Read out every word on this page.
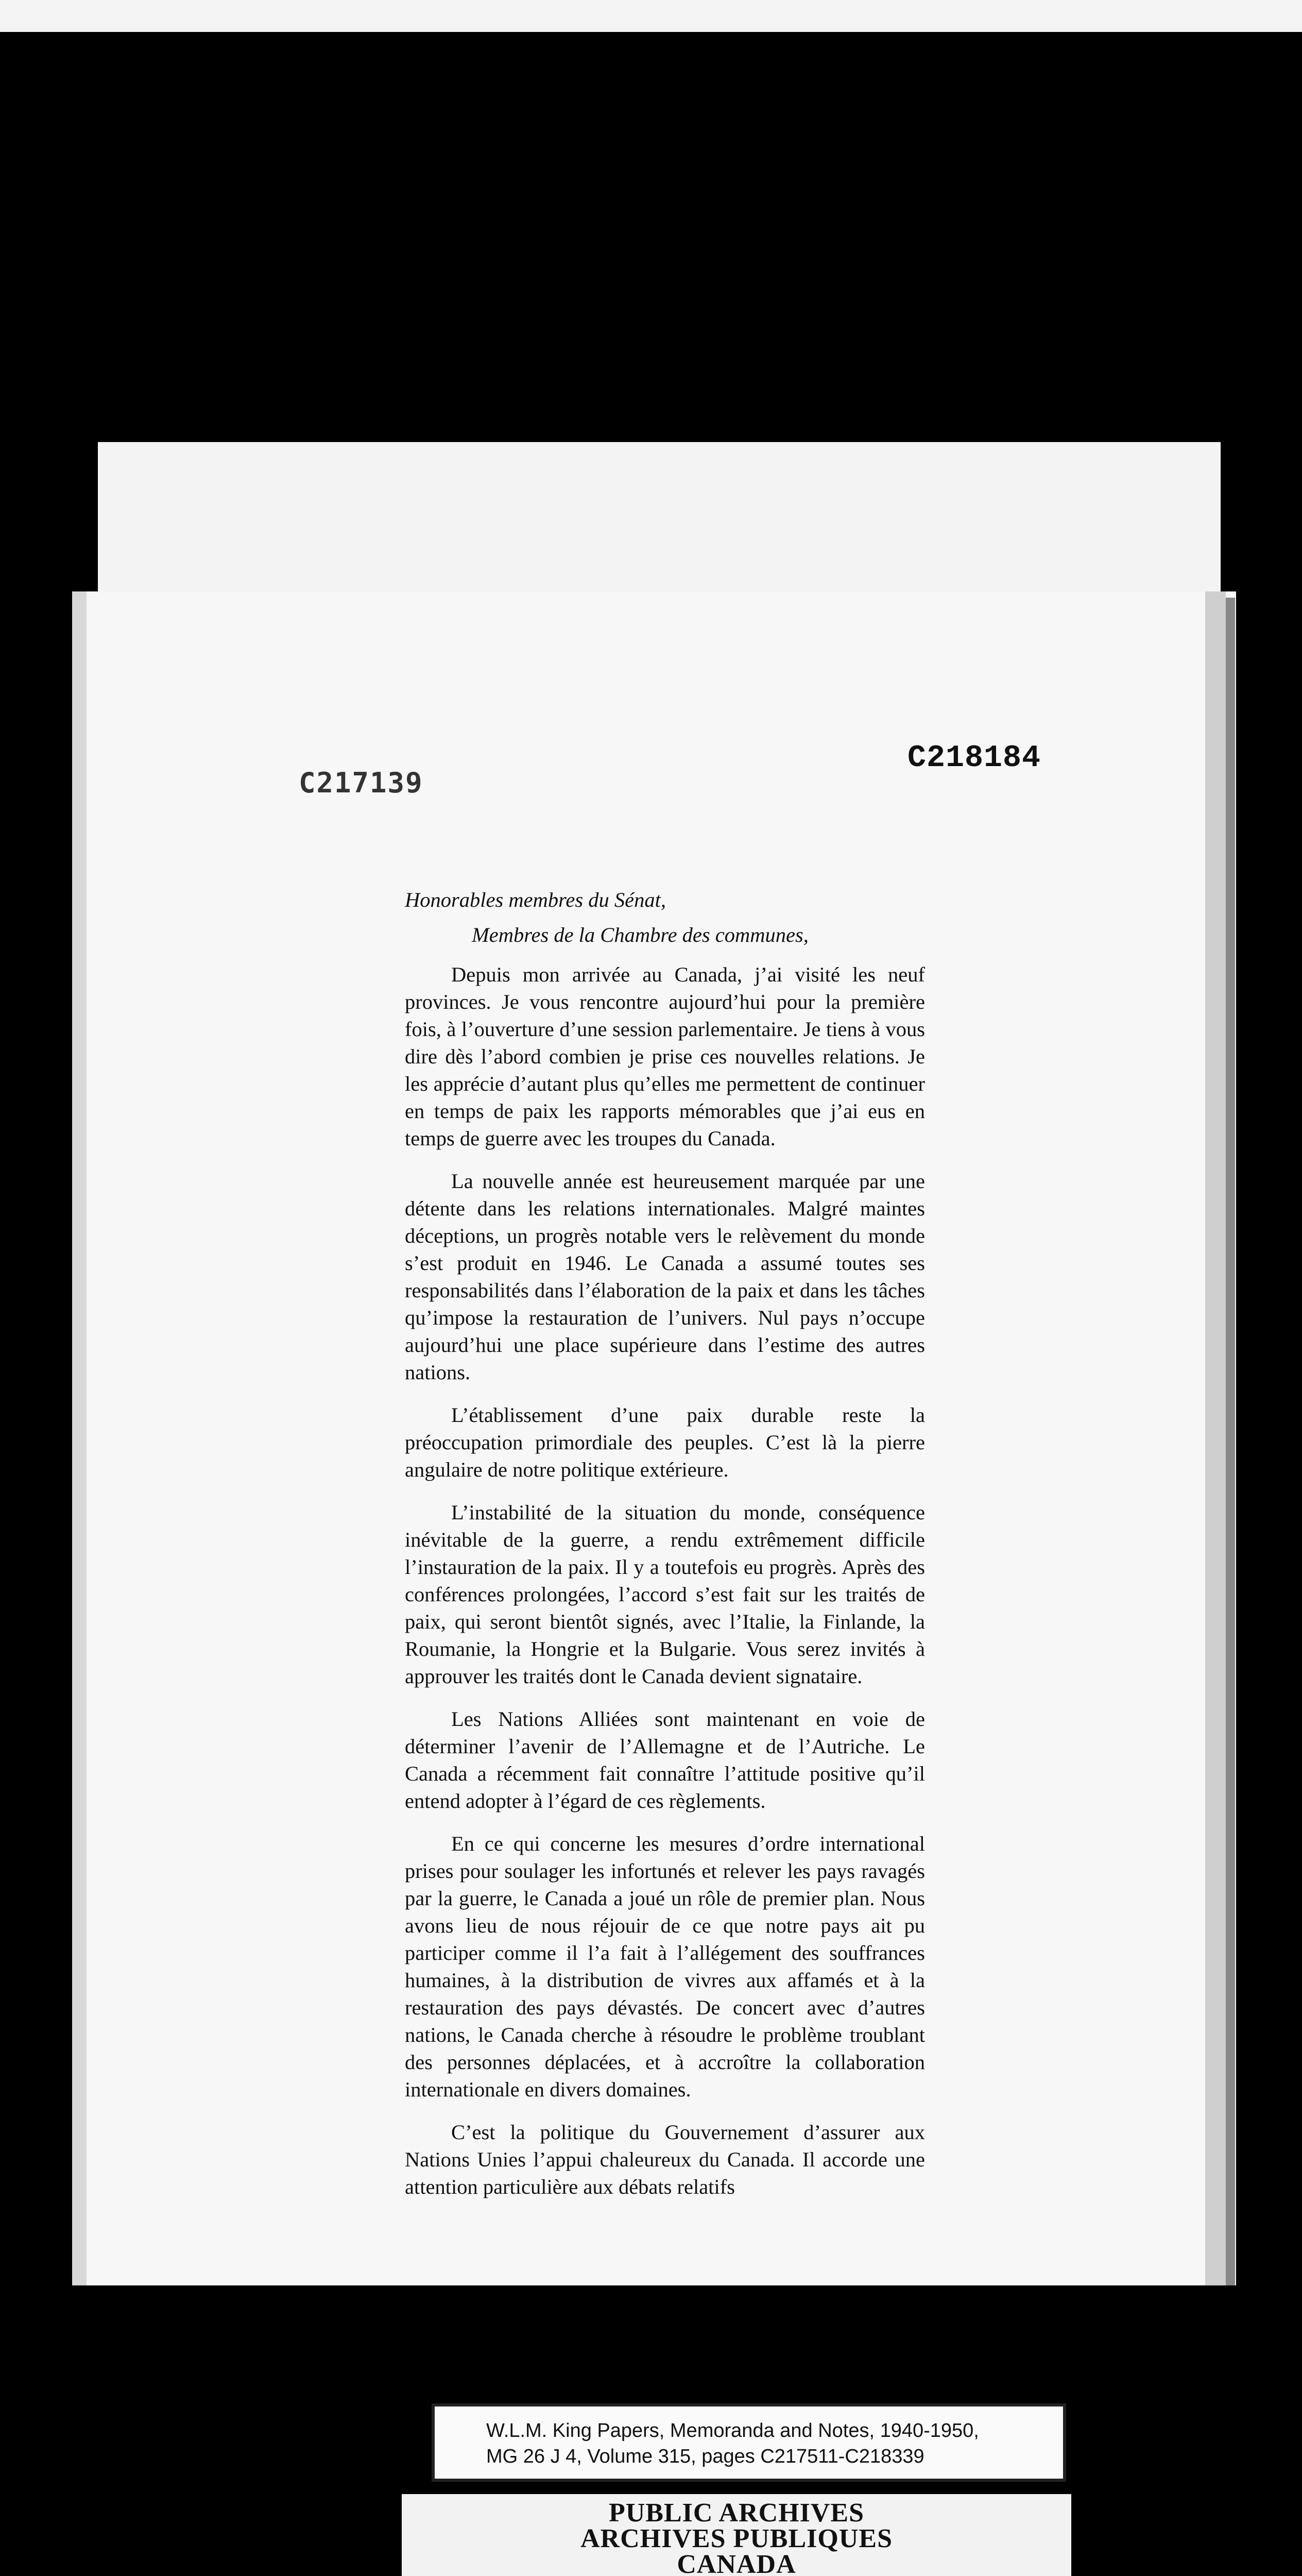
C217139
C218184

Honorables membres du Sénat,

Membres de la Chambre des communes,

Depuis mon arrivée au Canada, j’ai visité les neuf provinces. Je vous rencontre aujourd’hui pour la première fois, à l’ouverture d’une session parlementaire. Je tiens à vous dire dès l’abord combien je prise ces nouvelles relations. Je les apprécie d’autant plus qu’elles me permettent de continuer en temps de paix les rapports mémorables que j’ai eus en temps de guerre avec les troupes du Canada.

La nouvelle année est heureusement marquée par une détente dans les relations internationales. Malgré maintes déceptions, un progrès notable vers le relèvement du monde s’est produit en 1946. Le Canada a assumé toutes ses responsabilités dans l’élaboration de la paix et dans les tâches qu’impose la restauration de l’univers. Nul pays n’occupe aujourd’hui une place supérieure dans l’estime des autres nations.

L’établissement d’une paix durable reste la préoccupation primordiale des peuples. C’est là la pierre angulaire de notre politique extérieure.

L’instabilité de la situation du monde, conséquence inévitable de la guerre, a rendu extrêmement difficile l’instauration de la paix. Il y a toutefois eu progrès. Après des conférences prolongées, l’accord s’est fait sur les traités de paix, qui seront bientôt signés, avec l’Italie, la Finlande, la Roumanie, la Hongrie et la Bulgarie. Vous serez invités à approuver les traités dont le Canada devient signataire.

Les Nations Alliées sont maintenant en voie de déterminer l’avenir de l’Allemagne et de l’Autriche. Le Canada a récemment fait connaître l’attitude positive qu’il entend adopter à l’égard de ces règlements.

En ce qui concerne les mesures d’ordre international prises pour soulager les infortunés et relever les pays ravagés par la guerre, le Canada a joué un rôle de premier plan. Nous avons lieu de nous réjouir de ce que notre pays ait pu participer comme il l’a fait à l’allégement des souffrances humaines, à la distribution de vivres aux affamés et à la restauration des pays dévastés. De concert avec d’autres nations, le Canada cherche à résoudre le problème troublant des personnes déplacées, et à accroître la collaboration internationale en divers domaines.

C’est la politique du Gouvernement d’assurer aux Nations Unies l’appui chaleureux du Canada. Il accorde une attention particulière aux débats relatifs

PUBLIC ARCHIVES
ARCHIVES PUBLIQUES
CANADA
W.L.M. King Papers, Memoranda and Notes, 1940-1950,
MG 26 J 4, Volume 315, pages C217511-C218339
